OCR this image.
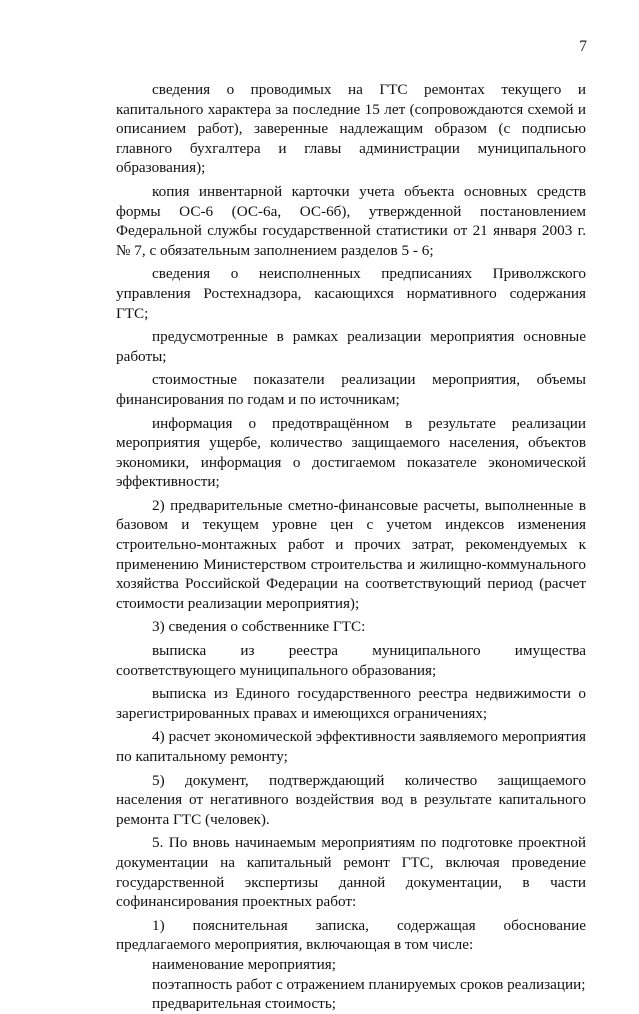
7

сведения о проводимых на ГТС ремонтах текущего и капитального характера за последние 15 лет (сопровождаются схемой и описанием работ), заверенные надлежащим образом (с подписью главного бухгалтера и главы администрации муниципального образования);

копия инвентарной карточки учета объекта основных средств формы ОС-6 (ОС-6а, ОС-6б), утвержденной постановлением Федеральной службы государственной статистики от 21 января 2003 г. № 7, с обязательным заполнением разделов 5 - 6;

сведения о неисполненных предписаниях Приволжского управления Ростехнадзора, касающихся нормативного содержания ГТС;

предусмотренные в рамках реализации мероприятия основные работы;

стоимостные показатели реализации мероприятия, объемы финансирования по годам и по источникам;

информация о предотвращённом в результате реализации мероприятия ущербе, количество защищаемого населения, объектов экономики, информация о достигаемом показателе экономической эффективности;

2) предварительные сметно-финансовые расчеты, выполненные в базовом и текущем уровне цен с учетом индексов изменения строительно-монтажных работ и прочих затрат, рекомендуемых к применению Министерством строительства и жилищно-коммунального хозяйства Российской Федерации на соответствующий период (расчет стоимости реализации мероприятия);

3) сведения о собственнике ГТС:

выписка из реестра муниципального имущества соответствующего муниципального образования;

выписка из Единого государственного реестра недвижимости о зарегистрированных правах и имеющихся ограничениях;

4) расчет экономической эффективности заявляемого мероприятия по капитальному ремонту;

5) документ, подтверждающий количество защищаемого населения от негативного воздействия вод в результате капитального ремонта ГТС (человек).

5. По вновь начинаемым мероприятиям по подготовке проектной документации на капитальный ремонт ГТС, включая проведение государственной экспертизы данной документации, в части софинансирования проектных работ:

1) пояснительная записка, содержащая обоснование предлагаемого мероприятия, включающая в том числе:

наименование мероприятия;

поэтапность работ с отражением планируемых сроков реализации;

предварительная стоимость;
